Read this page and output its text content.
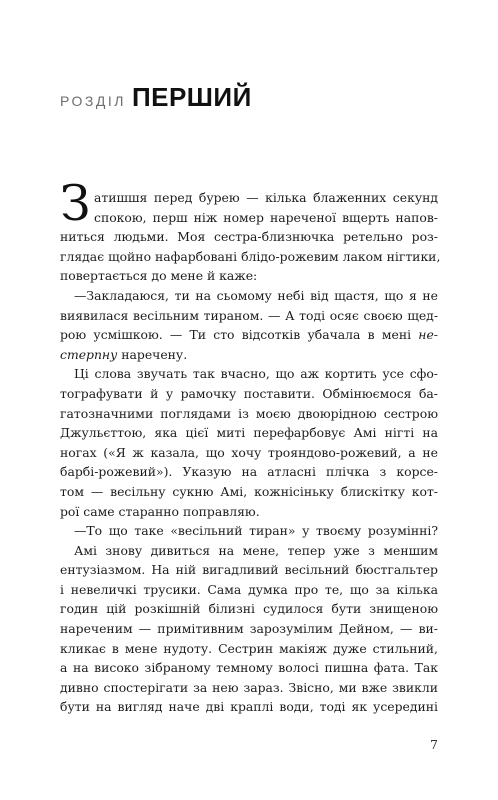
розділ ПЕРШИЙ
З атишшя перед бурею — кілька блаженних секунд
спокою, перш ніж номер нареченої вщерть напов-
ниться людьми. Моя сестра-близнючка ретельно роз-
глядає щойно нафарбовані блідо-рожевим лаком нігтики,
повертається до мене й каже:
—Закладаюся, ти на сьомому небі від щастя, що я не
виявилася весільним тираном. — А тоді осяє своєю щед-
рою усмішкою. — Ти сто відсотків убачала в мені не-
стерпну наречену.
Ці слова звучать так вчасно, що аж кортить усе сфо-
тографувати й у рамочку поставити. Обмінюємося ба-
гатозначними поглядами із моєю двоюрідною сестрою
Джульєттою, яка цієї миті перефарбовує Амі нігті на
ногах («Я ж казала, що хочу трояндово-рожевий, а не
барбі-рожевий»). Указую на атласні плічка з корсе-
том — весільну сукню Амі, кожнісіньку блискітку кот-
рої саме старанно поправляю.
—То що таке «весільний тиран» у твоєму розумінні?
Амі знову дивиться на мене, тепер уже з меншим
ентузіазмом. На ній вигадливий весільний бюстгальтер
і невеличкі трусики. Сама думка про те, що за кілька
годин цій розкішній білизні судилося бути знищеною
нареченим — примітивним зарозумілим Дейном, — ви-
кликає в мене нудоту. Сестрин макіяж дуже стильний,
а на високо зібраному темному волосі пишна фата. Так
дивно спостерігати за нею зараз. Звісно, ми вже звикли
бути на вигляд наче дві краплі води, тоді як усередині
7
